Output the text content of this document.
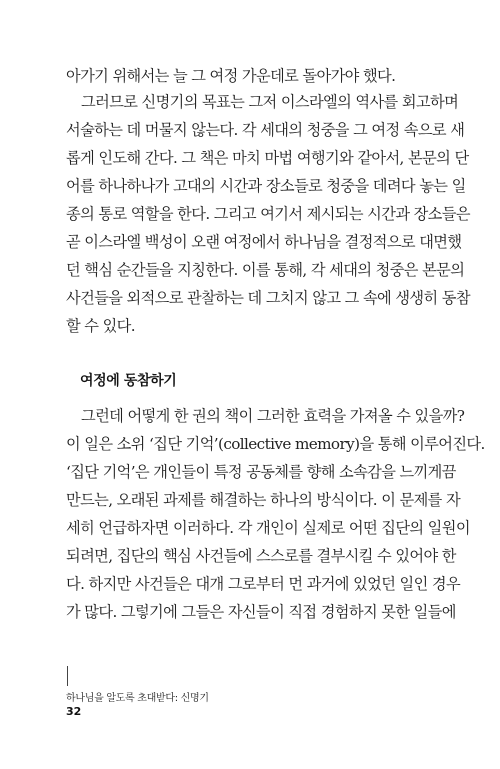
아가기 위해서는 늘 그 여정 가운데로 돌아가야 했다.
그러므로 신명기의 목표는 그저 이스라엘의 역사를 회고하며
서술하는 데 머물지 않는다. 각 세대의 청중을 그 여정 속으로 새
롭게 인도해 간다. 그 책은 마치 마법 여행기와 같아서, 본문의 단
어를 하나하나가 고대의 시간과 장소들로 청중을 데려다 놓는 일
종의 통로 역할을 한다. 그리고 여기서 제시되는 시간과 장소들은
곧 이스라엘 백성이 오랜 여정에서 하나님을 결정적으로 대면했
던 핵심 순간들을 지칭한다. 이를 통해, 각 세대의 청중은 본문의
사건들을 외적으로 관찰하는 데 그치지 않고 그 속에 생생히 동참
할 수 있다.
여정에 동참하기
그런데 어떻게 한 권의 책이 그러한 효력을 가져올 수 있을까?
이 일은 소위 ‘집단 기억’(collective memory)을 통해 이루어진다.
‘집단 기억’은 개인들이 특정 공동체를 향해 소속감을 느끼게끔
만드는, 오래된 과제를 해결하는 하나의 방식이다. 이 문제를 자
세히 언급하자면 이러하다. 각 개인이 실제로 어떤 집단의 일원이
되려면, 집단의 핵심 사건들에 스스로를 결부시킬 수 있어야 한
다. 하지만 사건들은 대개 그로부터 먼 과거에 있었던 일인 경우
가 많다. 그렇기에 그들은 자신들이 직접 경험하지 못한 일들에
하나님을 알도록 초대받다: 신명기
32
